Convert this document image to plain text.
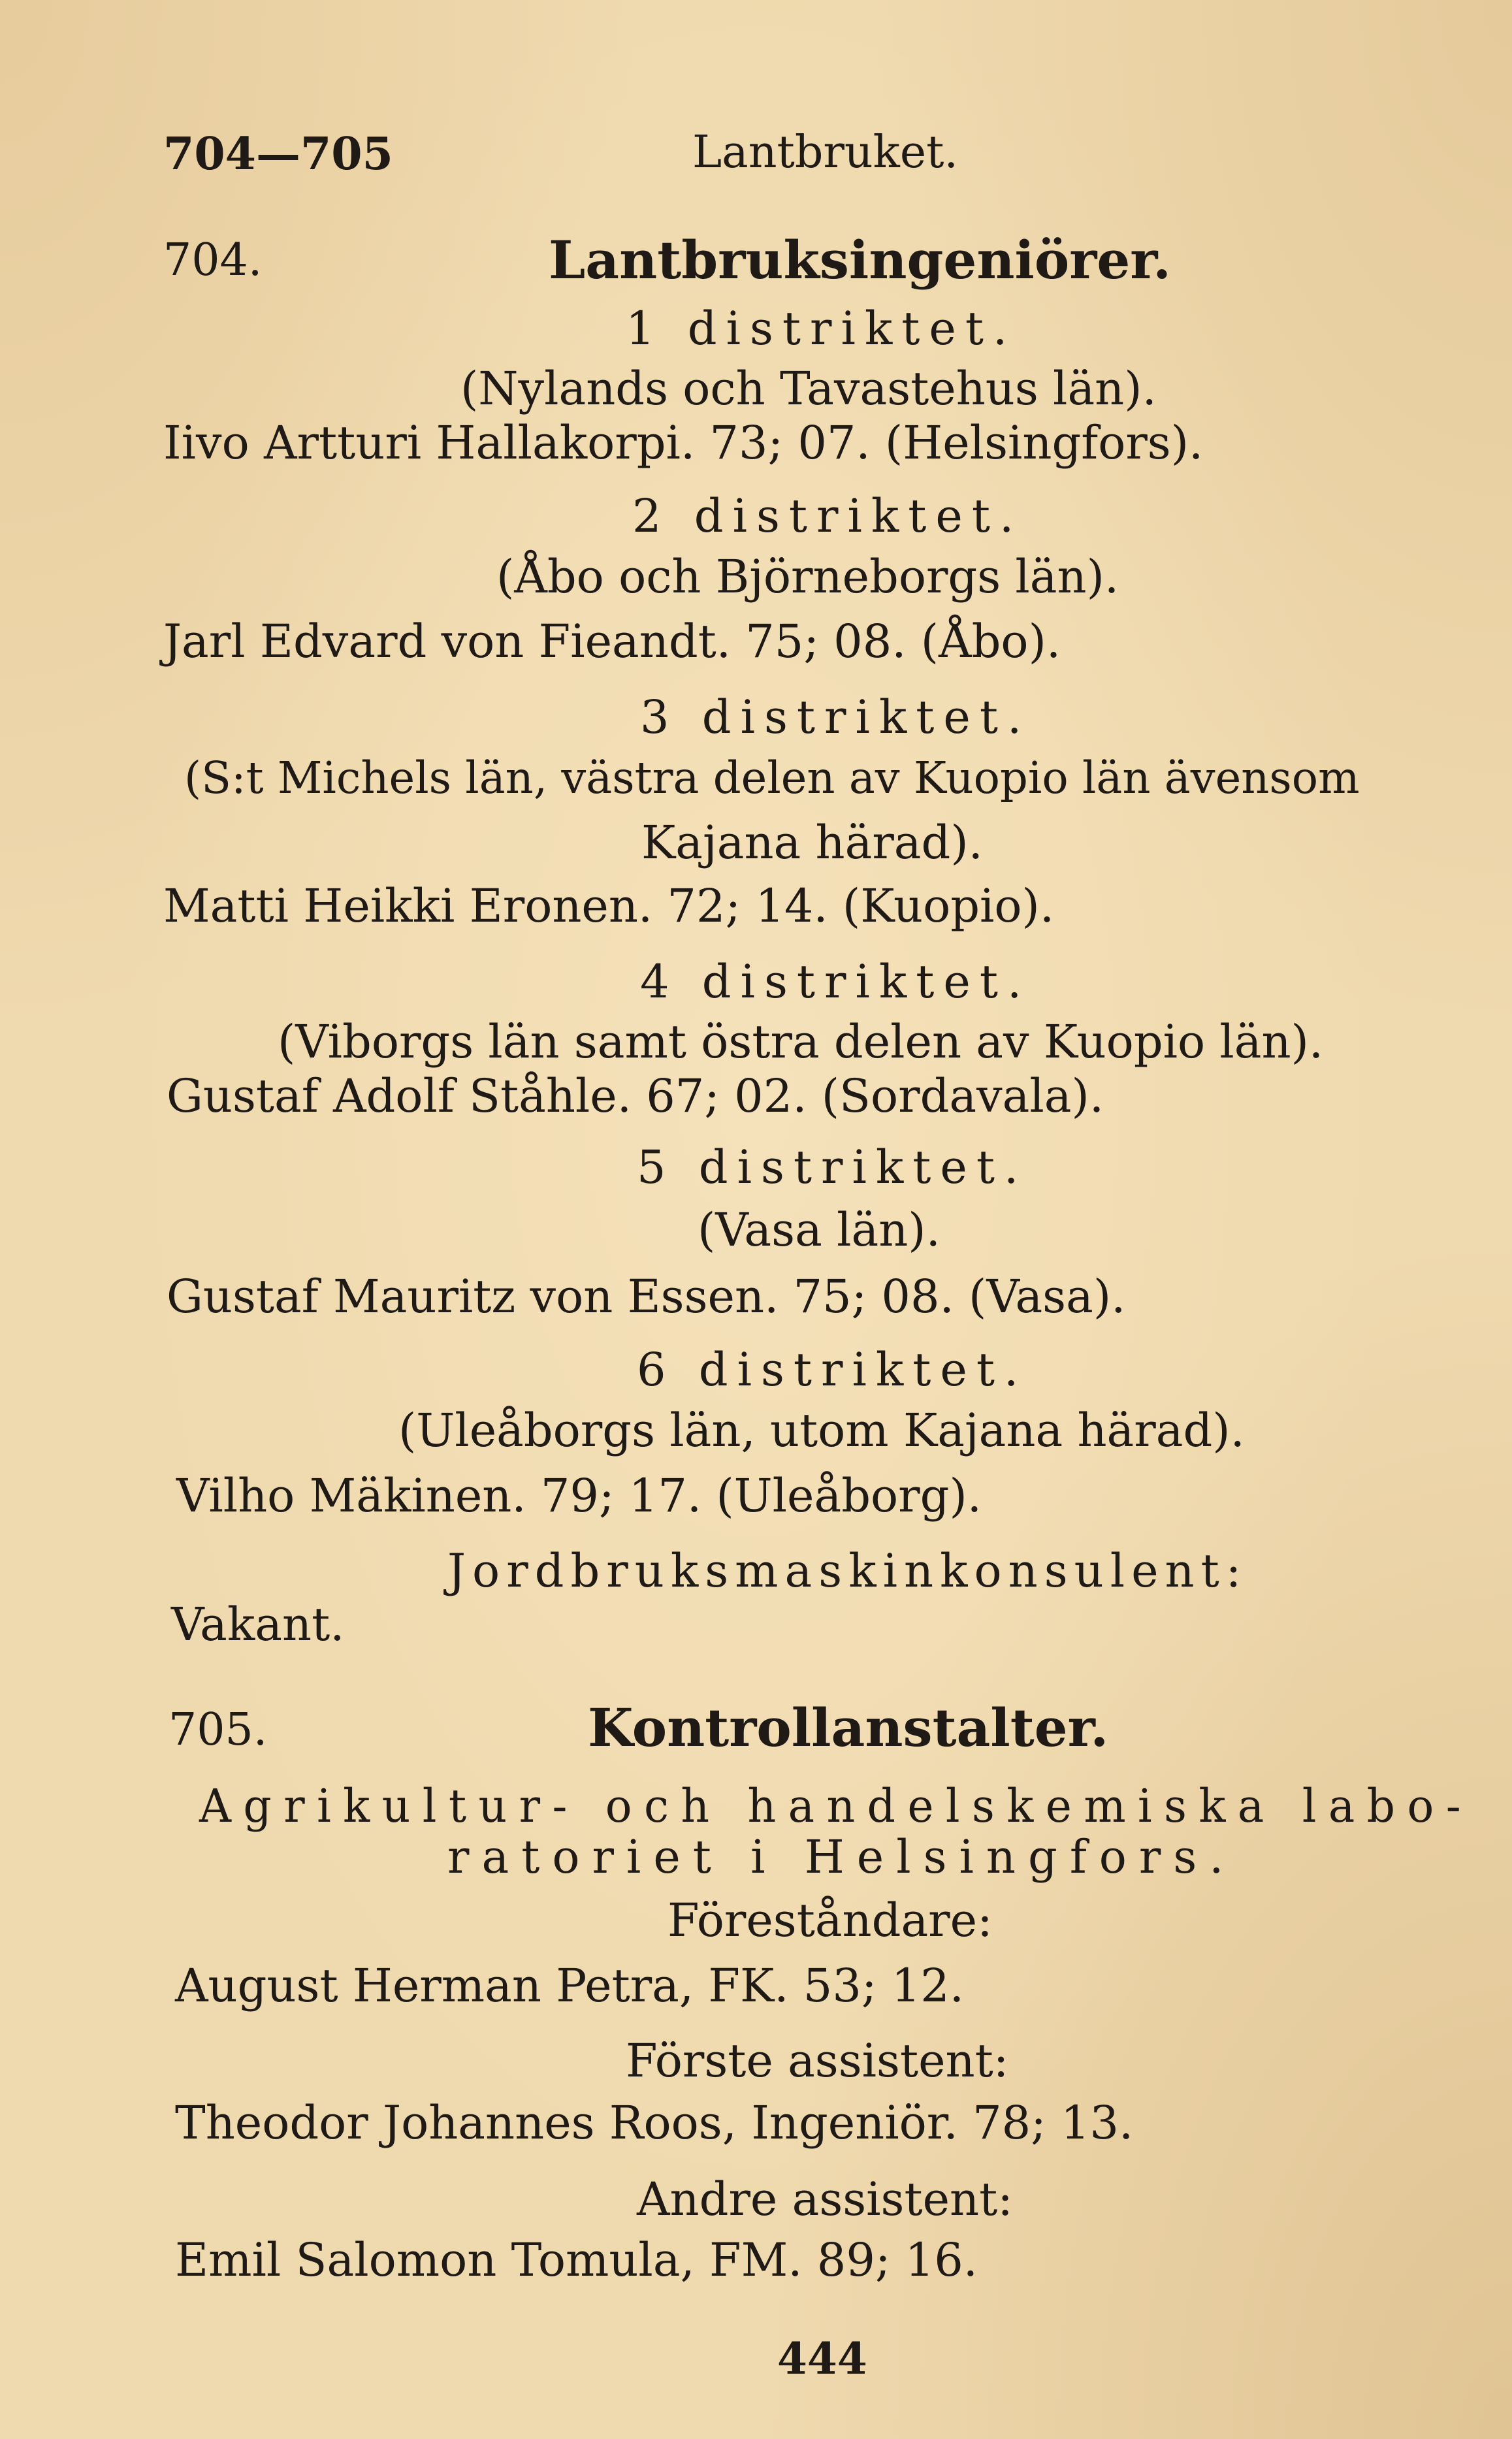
704—705	Lantbruket.
704.	Lantbruksingeniörer.
1 distriktet.
(Nylands och Tavastehus län).
Iivo Artturi Hallakorpi. 73; 07. (Helsingfors).
2 distriktet.
(Åbo och Björneborgs län).
Jarl Edvard von Fieandt. 75; 08. (Åbo).
3 distriktet.
(S:t Michels län, västra delen av Kuopio län ävensom
Kajana härad).
Matti Heikki Eronen. 72; 14. (Kuopio).
4 distriktet.
(Viborgs län samt östra delen av Kuopio län).
Gustaf Adolf Ståhle. 67; 02. (Sordavala).
5 distriktet.
(Vasa län).
Gustaf Mauritz von Essen. 75; 08. (Vasa).
6 distriktet.
(Uleåborgs län, utom Kajana härad).
Vilho Mäkinen. 79; 17. (Uleåborg).
Jordbruksmaskinkonsulent:
Vakant.
705.	Kontrollanstalter.
Agrikultur- och handelskemiska labo-
ratoriet i Helsingfors.
Föreståndare:
August Herman Petra, FK. 53; 12.
Förste assistent:
Theodor Johannes Roos, Ingeniör. 78; 13.
Andre assistent:
Emil Salomon Tomula, FM. 89; 16.
444
